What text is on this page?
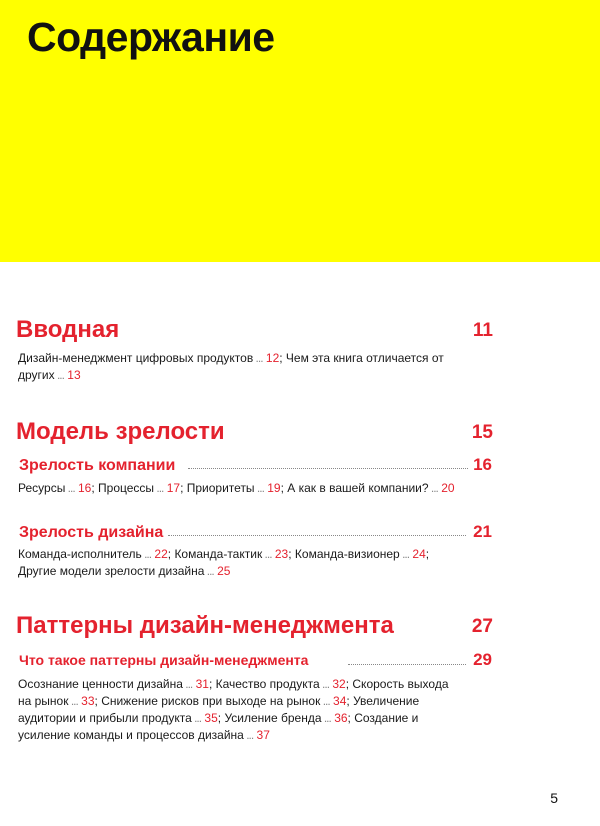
Содержание
Вводная	11

Дизайн-менеджмент цифровых продуктов ... 12; Чем эта книга отличается от других ... 13

Модель зрелости	15
Зрелость компании	16

Ресурсы ... 16; Процессы ... 17; Приоритеты ... 19; А как в вашей компании? ... 20

Зрелость дизайна	21

Команда-исполнитель ... 22; Команда-тактик ... 23; Команда-визионер ... 24; Другие модели зрелости дизайна ... 25

Паттерны дизайн-менеджмента	27
Что такое паттерны дизайн-менеджмента	29

Осознание ценности дизайна ... 31; Качество продукта ... 32; Скорость выхода на рынок ... 33; Снижение рисков при выходе на рынок ... 34; Увеличение аудитории и прибыли продукта ... 35; Усиление бренда ... 36; Создание и усиление команды и процессов дизайна ... 37

5
